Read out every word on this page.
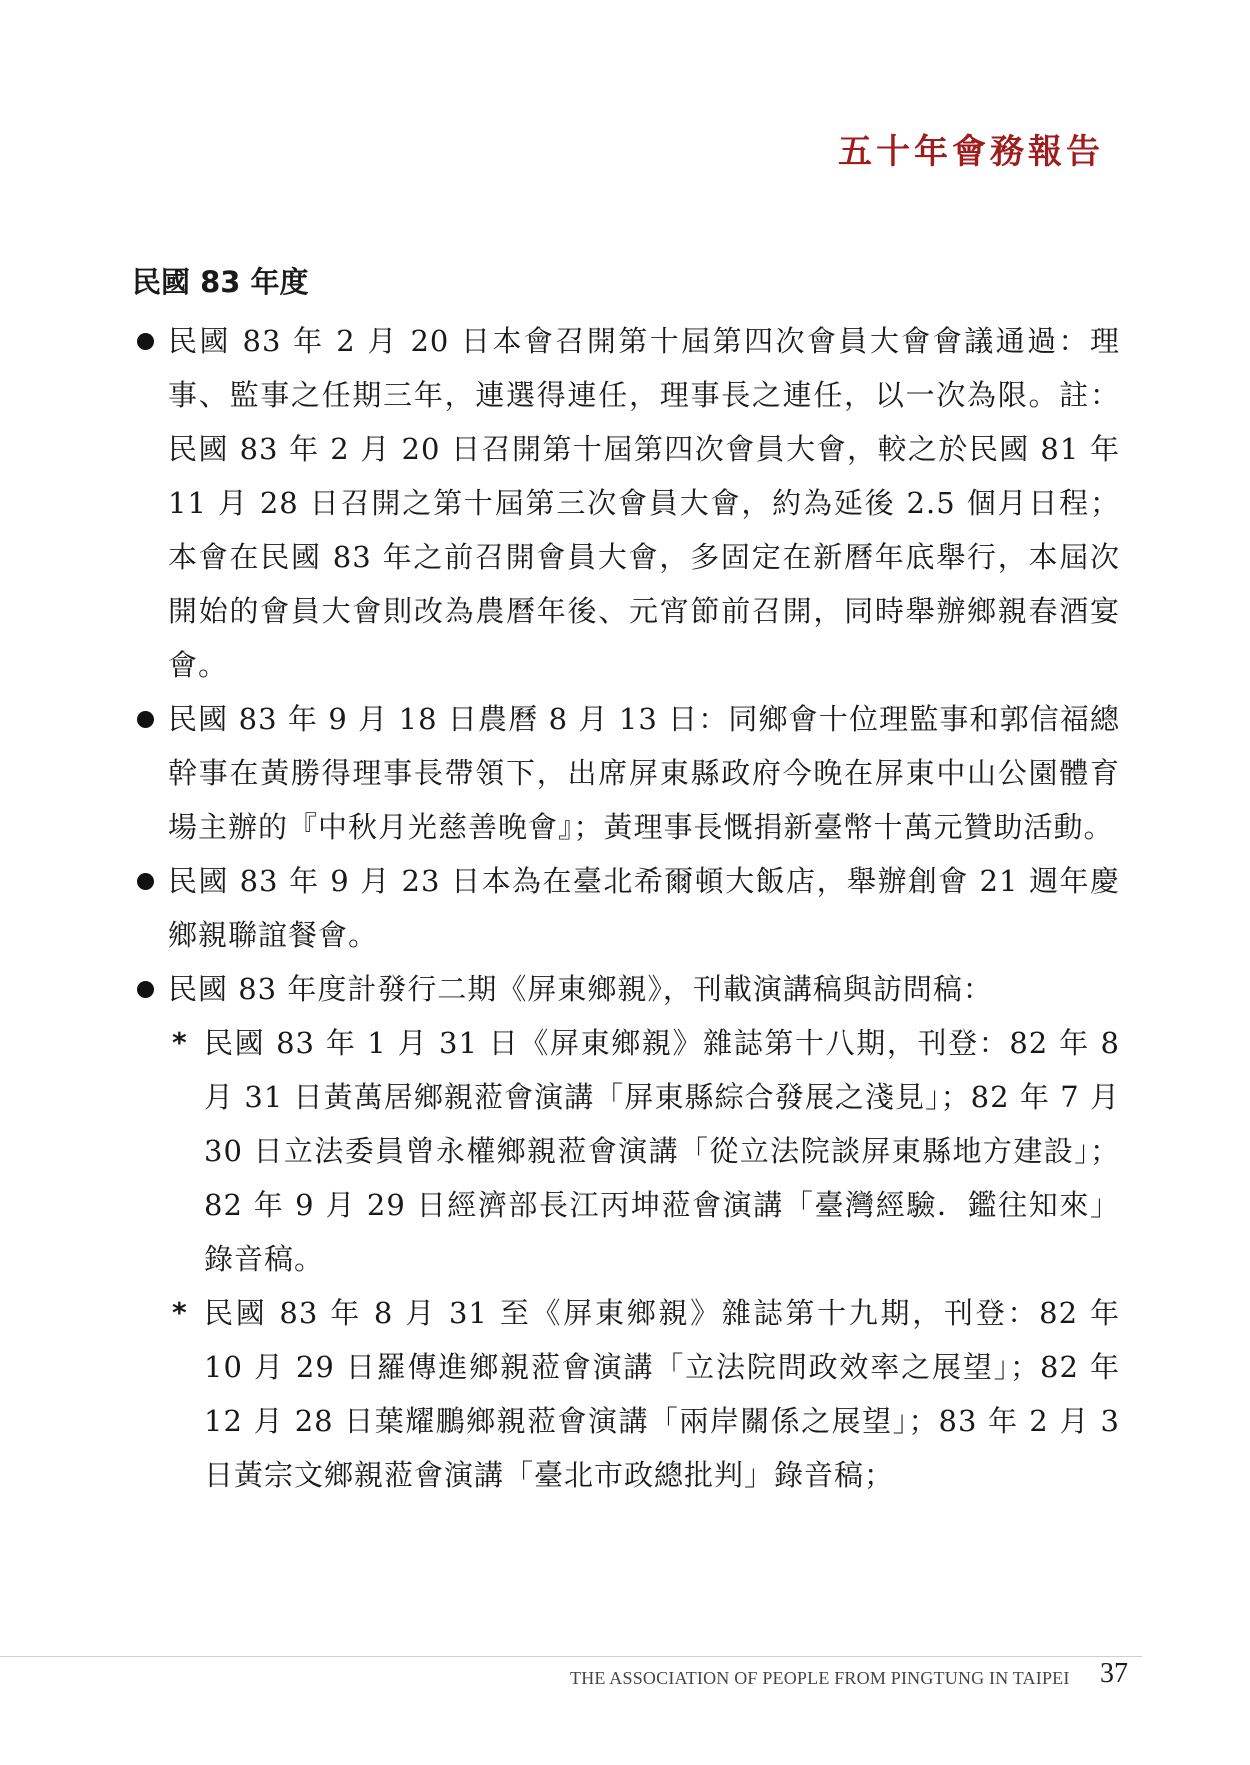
五十年會務報告
民國 83 年度
民國 83 年 2 月 20 日本會召開第十屆第四次會員大會會議通過：理事、監事之任期三年，連選得連任，理事長之連任，以一次為限。註：民國 83 年 2 月 20 日召開第十屆第四次會員大會，較之於民國 81 年 11 月 28 日召開之第十屆第三次會員大會，約為延後 2.5 個月日程；本會在民國 83 年之前召開會員大會，多固定在新曆年底舉行，本屆次開始的會員大會則改為農曆年後、元宵節前召開，同時舉辦鄉親春酒宴會。
民國 83 年 9 月 18 日農曆 8 月 13 日：同鄉會十位理監事和郭信福總幹事在黃勝得理事長帶領下，出席屏東縣政府今晚在屏東中山公園體育場主辦的『中秋月光慈善晚會』；黃理事長慨捐新臺幣十萬元贊助活動。
民國 83 年 9 月 23 日本為在臺北希爾頓大飯店，舉辦創會 21 週年慶鄉親聯誼餐會。
民國 83 年度計發行二期《屏東鄉親》，刊載演講稿與訪問稿：
* 民國 83 年 1 月 31 日《屏東鄉親》雜誌第十八期，刊登：82 年 8 月 31 日黃萬居鄉親蒞會演講「屏東縣綜合發展之淺見」；82 年 7 月 30 日立法委員曾永權鄉親蒞會演講「從立法院談屏東縣地方建設」；82 年 9 月 29 日經濟部長江丙坤蒞會演講「臺灣經驗．鑑往知來」錄音稿。
* 民國 83 年 8 月 31 至《屏東鄉親》雜誌第十九期，刊登：82 年 10 月 29 日羅傳進鄉親蒞會演講「立法院問政效率之展望」；82 年 12 月 28 日葉耀鵬鄉親蒞會演講「兩岸關係之展望」；83 年 2 月 3 日黃宗文鄉親蒞會演講「臺北市政總批判」錄音稿；
THE ASSOCIATION OF PEOPLE FROM PINGTUNG IN TAIPEI 37
